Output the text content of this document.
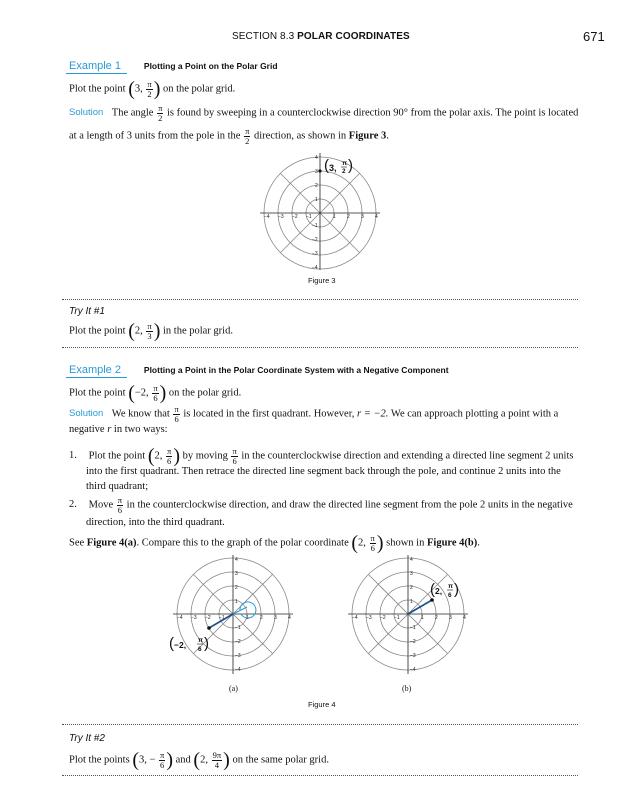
SECTION 8.3 POLAR COORDINATES	671
Example 1	Plotting a Point on the Polar Grid
Plot the point (3, $\frac{\pi}{2}$ ) on the polar grid.
Solution The angle $\frac{\pi}{2}$ is found by sweeping in a counterclockwise direction 90° from the polar axis. The point is located
at a length of 3 units from the pole in the $\frac{\pi}{2}$ direction, as shown in Figure 3.
−4 −3 −2 −1	1 2 3 4
4
3
2
1
−1
−2
−3
−4
( 3, π
2 )
Figure 3
Try It #1
Plot the point (2, $\frac{\pi}{3}$ ) in the polar grid.
Example 2	Plotting a Point in the Polar Coordinate System with a Negative Component
Plot the point (−2, $\frac{\pi}{6}$ ) on the polar grid.
Solution We know that $\frac{\pi}{6}$ is located in the first quadrant. However, r = −2. We can approach plotting a point with a
negative r in two ways:
1. Plot the point (2, $\frac{\pi}{6}$ ) by moving $\frac{\pi}{6}$ in the counterclockwise direction and extending a directed line segment 2 units
into the first quadrant. Then retrace the directed line segment back through the pole, and continue 2 units into the
third quadrant;
2. Move $\frac{\pi}{6}$ in the counterclockwise direction, and draw the directed line segment from the pole 2 units in the negative
direction, into the third quadrant.
See Figure 4(a). Compare this to the graph of the polar coordinate (2, $\frac{\pi}{6}$ ) shown in Figure 4(b).
−4 −3 −2 −1	1 2 3 4
4
3
2
1
−1
−2
−3
−4
( −2, π
6 )
(a)
−4 −3 −2 −1	1 2 3 4
4
3
2
1
−1
−2
−3
−4
( 2, π
6 )
(b)
Figure 4
Try It #2
Plot the points (3, − $\frac{\pi}{6}$ ) and (2, $\frac{9\pi}{4}$ ) on the same polar grid.
